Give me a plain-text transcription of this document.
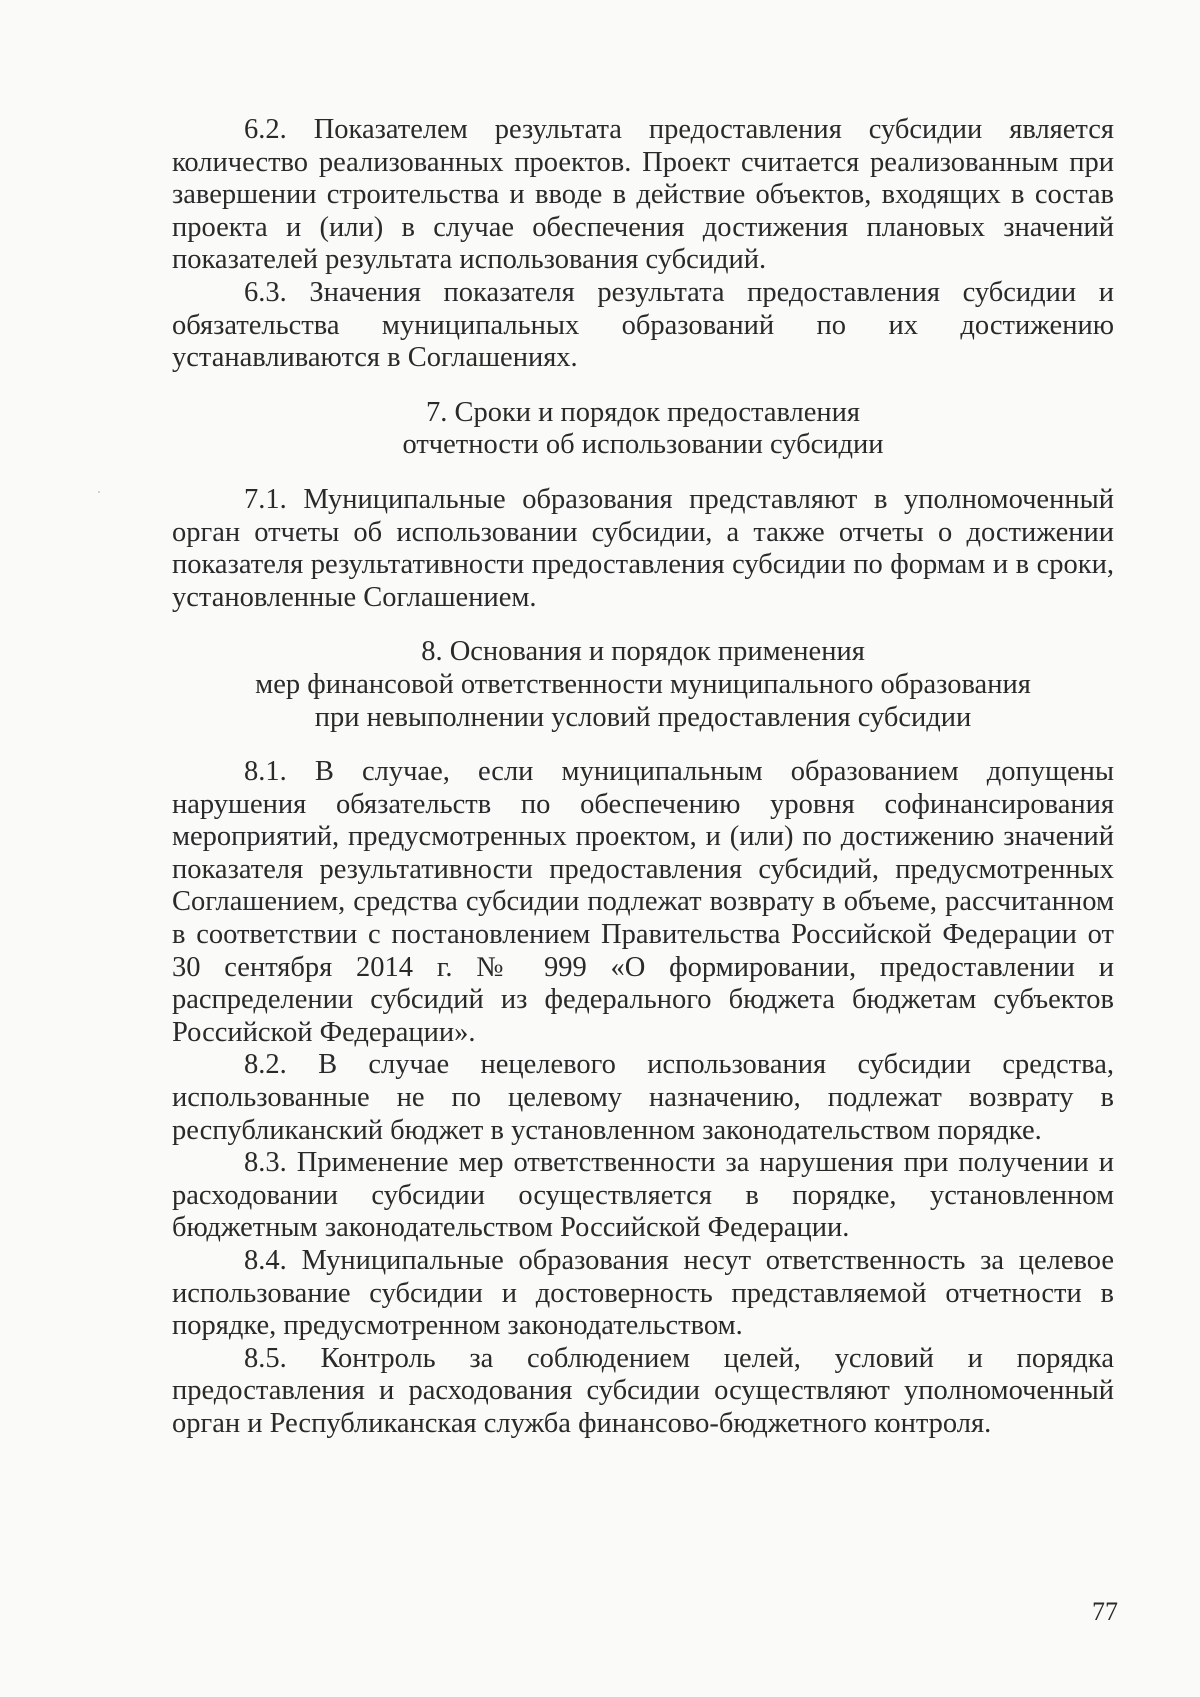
6.2. Показателем результата предоставления субсидии является количество реализованных проектов. Проект считается реализованным при завершении строительства и вводе в действие объектов, входящих в состав проекта и (или) в случае обеспечения достижения плановых значений показателей результата использования субсидий.

6.3. Значения показателя результата предоставления субсидии и обязательства муниципальных образований по их достижению устанавливаются в Соглашениях.

7. Сроки и порядок предоставления

отчетности об использовании субсидии

7.1. Муниципальные образования представляют в уполномоченный орган отчеты об использовании субсидии, а также отчеты о достижении показателя результативности предоставления субсидии по формам и в сроки, установленные Соглашением.

8. Основания и порядок применения

мер финансовой ответственности муниципального образования

при невыполнении условий предоставления субсидии

8.1. В случае, если муниципальным образованием допущены нарушения обязательств по обеспечению уровня софинансирования мероприятий, предусмотренных проектом, и (или) по достижению значений показателя результативности предоставления субсидий, предусмотренных Соглашением, средства субсидии подлежат возврату в объеме, рассчитанном в соответствии с постановлением Правительства Российской Федерации от 30 сентября 2014 г. № 999 «О формировании, предоставлении и распределении субсидий из федерального бюджета бюджетам субъектов Российской Федерации».

8.2. В случае нецелевого использования субсидии средства, использованные не по целевому назначению, подлежат возврату в республиканский бюджет в установленном законодательством порядке.

8.3. Применение мер ответственности за нарушения при получении и расходовании субсидии осуществляется в порядке, установленном бюджетным законодательством Российской Федерации.

8.4. Муниципальные образования несут ответственность за целевое использование субсидии и достоверность представляемой отчетности в порядке, предусмотренном законодательством.

8.5. Контроль за соблюдением целей, условий и порядка предоставления и расходования субсидии осуществляют уполномоченный орган и Республиканская служба финансово-бюджетного контроля.

77
